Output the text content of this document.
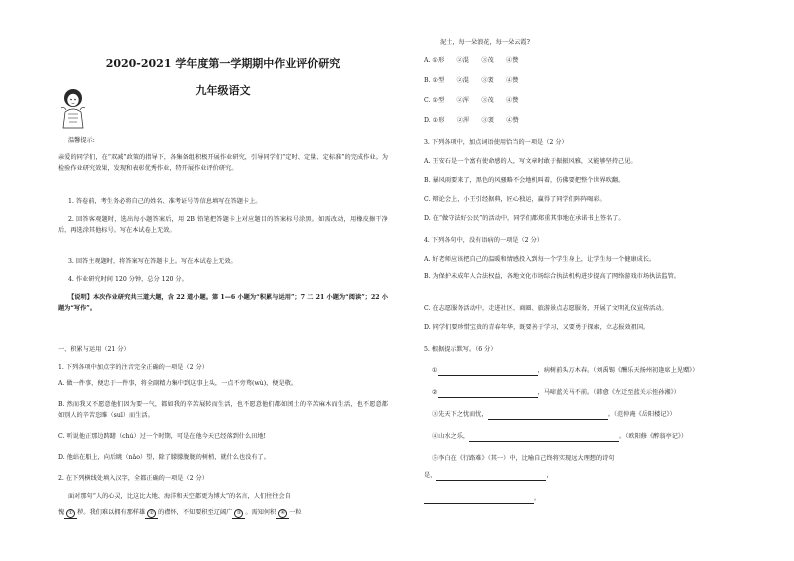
2020-2021 学年度第一学期期中作业评价研究
九年级语文
温馨提示:
亲爱的同学们，在“双减”政策的指导下，各集备组积极开展作业研究，引导同学们“定时、定量、定标准”的完成作业。为检验作业研究效果，发现和表彰优秀作业，特开展作业评价研究。
1. 答卷前，考生务必将自己的姓名、准考证号等信息填写在答题卡上。
2. 回答客观题时，选出每小题答案后，用 2B 铅笔把答题卡上对应题目的答案标号涂黑。如需改动，用橡皮擦干净后，再选涂其他标号。写在本试卷上无效。
3. 回答主观题时，将答案写在答题卡上。写在本试卷上无效。
4. 作业研究时间 120 分钟，总分 120 分。
【说明】本次作业研究共三道大题，含 22 道小题。第 1—6 小题为“积累与运用”；7 二 21 小题为“阅读”；22 小题为“写作”。
一、积累与运用（21 分）
1. 下列各项中加点字的注音完全正确的一项是（2 分）
A. 做一件事，便忠于一件事，将全副精力集中到这事上头，一点不旁骛(wù)，便是敬。
B. 然而我又不愿意他们因为要一气，都如我的辛苦展转而生活，也不愿意他们都如闰土的辛苦麻木而生活，也不愿意都如别人的辛苦恣睢（suī）而生活。
C. 听说他正那边踌躇（chú）过一个时期，可是在他今天已经落到什么田地!
D. 他站在船上，向后眺（nǎo）望，除了朦朦胧胧的树梢，就什么也没有了。
2. 在下列横线处填入汉字，全都正确的一项是（2 分）
面对那句“人的心灵，比这比大地、海洋和天空都更为博大”的名言，人们往往会自
愧 ① 秽。我们难以拥有那样雄 ② 的襟怀，不知要积至辽阔广 ③ 。需知何积 ④ 一粒
泥土，每一朵浪花，每一朵云霞?
A. ①形　　②混　　③茂　　④赞
B. ①型　　②混　　③袤　　④赞
C. ①型　　②浑　　③茂　　④赞
D. ①形　　②浑　　③袤　　④赞
3. 下列各项中，加点词语使用恰当的一项是（2 分）
A. 王安石是一个富有使命感的人，写文章时敢于振振风雅，又能够坚持己见。
B. 暴风雨要来了，黑色的风骚略不会地机叫着，仿佛要把整个世界吹翻。
C. 辩论会上，小王引经据典，匠心独运，赢得了同学们阵阵喝彩。
D. 在“做守法好公民”的活动中，同学们都郑重其事地在承诺书上签名了。
4. 下列各句中，没有语病的一项是（2 分）
A. 好老师应该把自己的温暖和情感投入到每一个学生身上，让学生每一个健康成长。
B. 为保护未成年人合法权益，各地文化市场综合执法机构进步提高了网络游戏市场执法监管。
C. 在志愿服务活动中，走进社区、商圈、旅游景点志愿服务，开展了文明礼仪宣传活动。
D. 同学们要珍惜宝贵的青春年华，既要善于学习，又要勇于探索，立志报效祖国。
5. 根据提示默写。（6 分）
①	，病树前头万木春。（刘禹锡《酬乐天扬州初逢席上见赠》）
②	，马啼蓝关马不前。（韩愈《左迁至蓝关示侄孙湘》）
③先天下之忧而忧，	。（范仲淹《岳阳楼记》）
④山水之乐，	。（欧阳修《醉翁亭记》）
⑤李白在《行路难》（其一）中，比喻自己终将实现远大理想的诗句
是，	，
。
